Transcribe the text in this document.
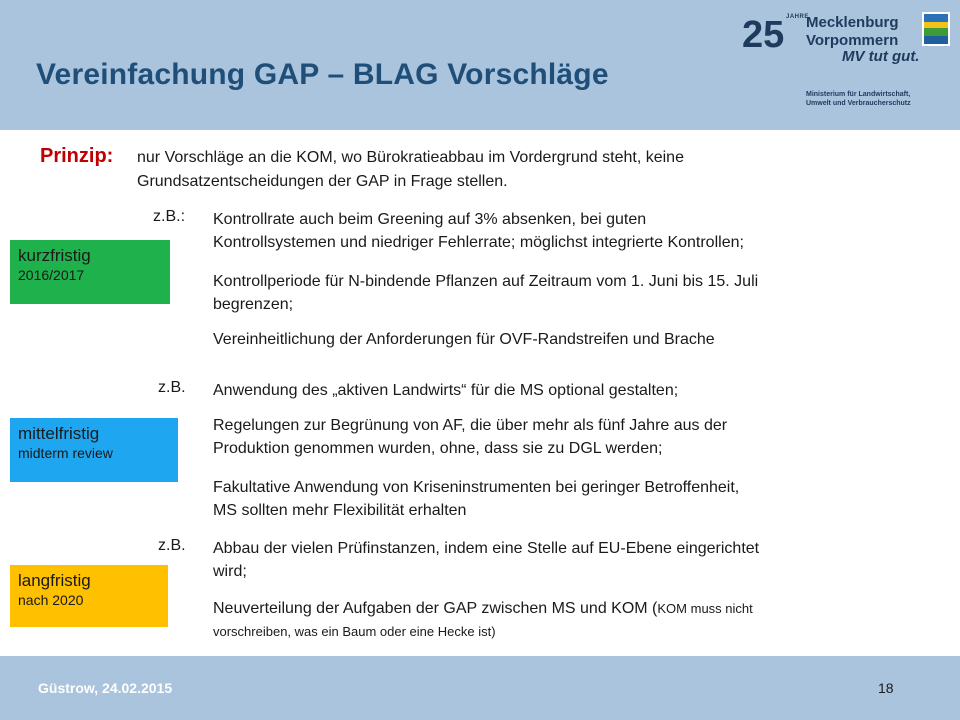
Vereinfachung GAP – BLAG Vorschläge
25 JAHRE
Mecklenburg
Vorpommern
MV tut gut.
Ministerium für Landwirtschaft,
Umwelt und Verbraucherschutz
Prinzip: nur Vorschläge an die KOM, wo Bürokratieabbau im Vordergrund steht, keine
Grundsatzentscheidungen der GAP in Frage stellen.
kurzfristig
2016/2017
z.B.: Kontrollrate auch beim Greening auf 3% absenken, bei guten
Kontrollsystemen und niedriger Fehlerrate; möglichst integrierte Kontrollen;
Kontrollperiode für N-bindende Pflanzen auf Zeitraum vom 1. Juni bis 15. Juli
begrenzen;
Vereinheitlichung der Anforderungen für OVF-Randstreifen und Brache
z.B. Anwendung des „aktiven Landwirts“ für die MS optional gestalten;
mittelfristig
midterm review
Regelungen zur Begrünung von AF, die über mehr als fünf Jahre aus der
Produktion genommen wurden, ohne, dass sie zu DGL werden;
Fakultative Anwendung von Kriseninstrumenten bei geringer Betroffenheit,
MS sollten mehr Flexibilität erhalten
z.B. Abbau der vielen Prüfinstanzen, indem eine Stelle auf EU-Ebene eingerichtet
wird;
langfristig
nach 2020	Neuverteilung der Aufgaben der GAP zwischen MS und KOM (KOM muss nicht
vorschreiben, was ein Baum oder eine Hecke ist)
Güstrow, 24.02.2015	18
